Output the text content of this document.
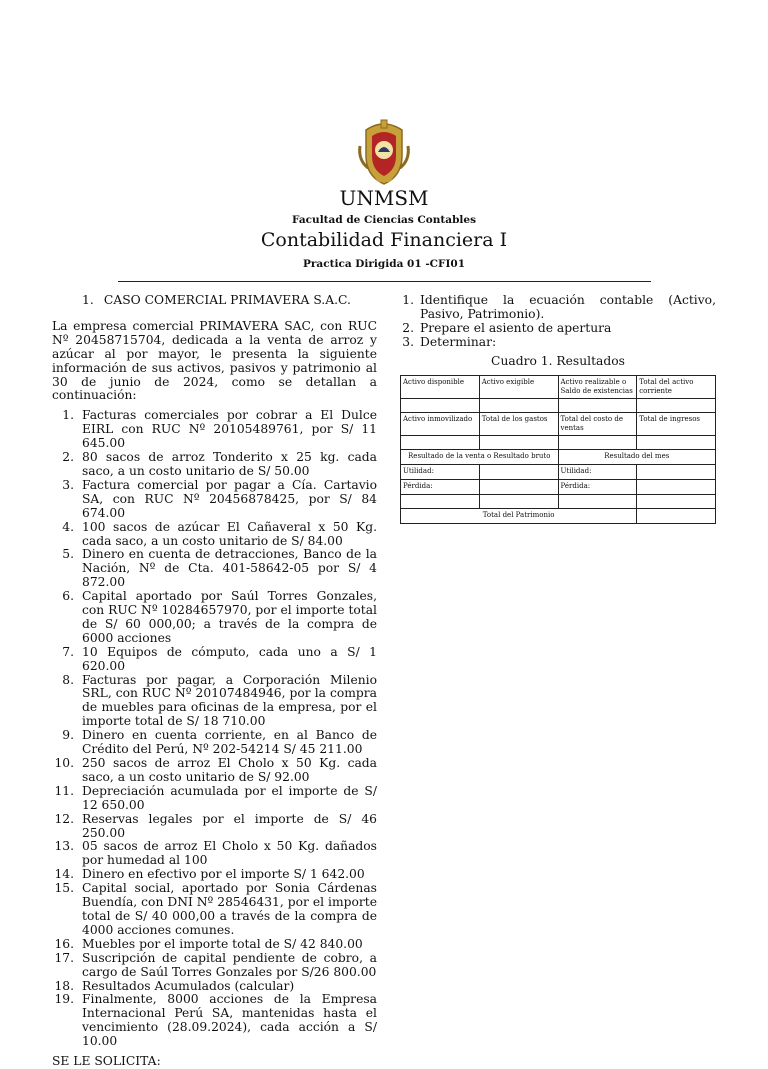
UNMSM
Facultad de Ciencias Contables
Contabilidad Financiera I
Practica Dirigida 01 -CFI01
1. CASO COMERCIAL PRIMAVERA S.A.C.
La empresa comercial PRIMAVERA SAC, con RUC Nº 20458715704, dedicada a la venta de arroz y azúcar al por mayor, le presenta la siguiente información de sus activos, pasivos y patrimonio al 30 de junio de 2024, como se detallan a continuación:
1. Facturas comerciales por cobrar a El Dulce EIRL con RUC Nº 20105489761, por S/ 11 645.00
2. 80 sacos de arroz Tonderito x 25 kg. cada saco, a un costo unitario de S/ 50.00
3. Factura comercial por pagar a Cía. Cartavio SA, con RUC Nº 20456878425, por S/ 84 674.00
4. 100 sacos de azúcar El Cañaveral x 50 Kg. cada saco, a un costo unitario de S/ 84.00
5. Dinero en cuenta de detracciones, Banco de la Nación, Nº de Cta. 401-58642-05 por S/ 4 872.00
6. Capital aportado por Saúl Torres Gonzales, con RUC Nº 10284657970, por el importe total de S/ 60 000,00; a través de la compra de 6000 acciones
7. 10 Equipos de cómputo, cada uno a S/ 1 620.00
8. Facturas por pagar, a Corporación Milenio SRL, con RUC Nº 20107484946, por la compra de muebles para oficinas de la empresa, por el importe total de S/ 18 710.00
9. Dinero en cuenta corriente, en al Banco de Crédito del Perú, Nº 202-54214 S/ 45 211.00
10. 250 sacos de arroz El Cholo x 50 Kg. cada saco, a un costo unitario de S/ 92.00
11. Depreciación acumulada por el importe de S/ 12 650.00
12. Reservas legales por el importe de S/ 46 250.00
13. 05 sacos de arroz El Cholo x 50 Kg. dañados por humedad al 100
14. Dinero en efectivo por el importe S/ 1 642.00
15. Capital social, aportado por Sonia Cárdenas Buendía, con DNI Nº 28546431, por el importe total de S/ 40 000,00 a través de la compra de 4000 acciones comunes.
16. Muebles por el importe total de S/ 42 840.00
17. Suscripción de capital pendiente de cobro, a cargo de Saúl Torres Gonzales por S/26 800.00
18. Resultados Acumulados (calcular)
19. Finalmente, 8000 acciones de la Empresa Internacional Perú SA, mantenidas hasta el vencimiento (28.09.2024), cada acción a S/ 10.00
SE LE SOLICITA:
1. Identifique la ecuación contable (Activo, Pasivo, Patrimonio).
2. Prepare el asiento de apertura
3. Determinar:
Cuadro 1. Resultados
Activo disponible	Activo exigible	Activo realizable o Saldo de existencias	Total del activo corriente

Activo inmovilizado	Total de los gastos	Total del costo de ventas	Total de ingresos

Resultado de la venta o Resultado bruto		Resultado del mes	
Utilidad:		Utilidad:	
Pérdida:		Pérdida:	

Total del Patrimonio			
